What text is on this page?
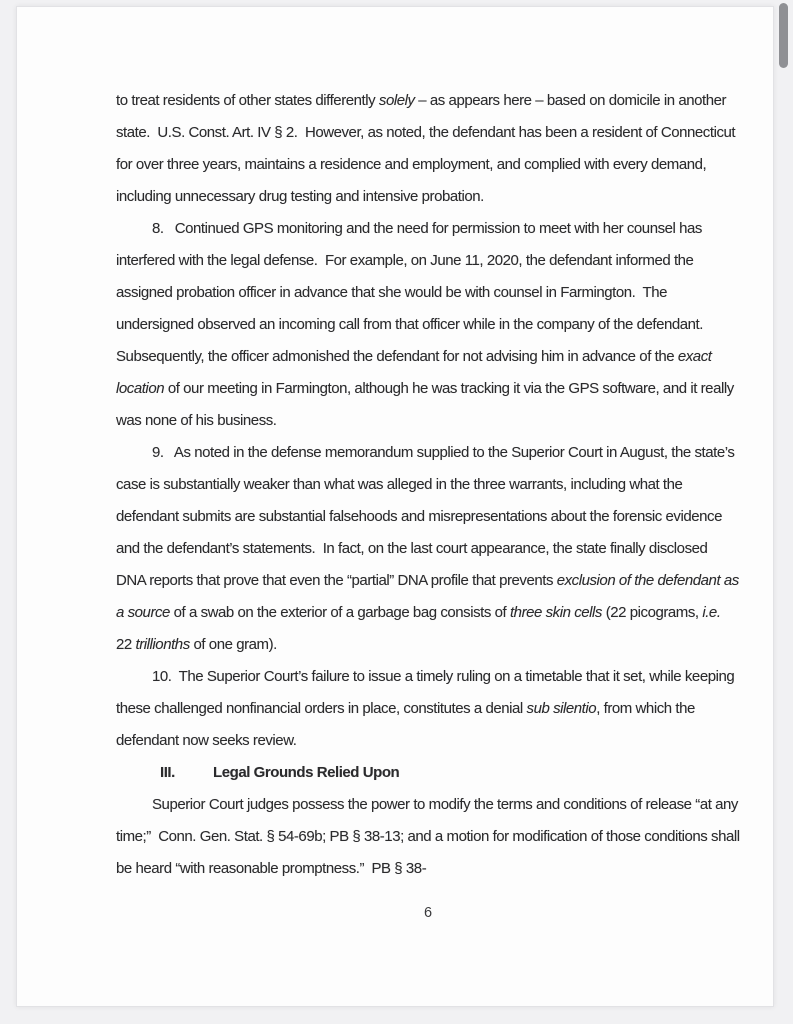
to treat residents of other states differently solely – as appears here – based on domicile in another state.  U.S. Const. Art. IV § 2.  However, as noted, the defendant has been a resident of Connecticut for over three years, maintains a residence and employment, and complied with every demand, including unnecessary drug testing and intensive probation.

8.   Continued GPS monitoring and the need for permission to meet with her counsel has interfered with the legal defense.  For example, on June 11, 2020, the defendant informed the assigned probation officer in advance that she would be with counsel in Farmington.  The undersigned observed an incoming call from that officer while in the company of the defendant.   Subsequently, the officer admonished the defendant for not advising him in advance of the exact location of our meeting in Farmington, although he was tracking it via the GPS software, and it really was none of his business.

9.   As noted in the defense memorandum supplied to the Superior Court in August, the state’s case is substantially weaker than what was alleged in the three warrants, including what the defendant submits are substantial falsehoods and misrepresentations about the forensic evidence and the defendant’s statements.  In fact, on the last court appearance, the state finally disclosed DNA reports that prove that even the “partial” DNA profile that prevents exclusion of the defendant as a source of a swab on the exterior of a garbage bag consists of three skin cells (22 picograms, i.e. 22 trillionths of one gram).

10.  The Superior Court’s failure to issue a timely ruling on a timetable that it set, while keeping these challenged nonfinancial orders in place, constitutes a denial sub silentio, from which the defendant now seeks review.

III.	Legal Grounds Relied Upon

Superior Court judges possess the power to modify the terms and conditions of release “at any time;”  Conn. Gen. Stat. § 54-69b; PB § 38-13; and a motion for modification of those conditions shall be heard “with reasonable promptness.”  PB § 38-

6
